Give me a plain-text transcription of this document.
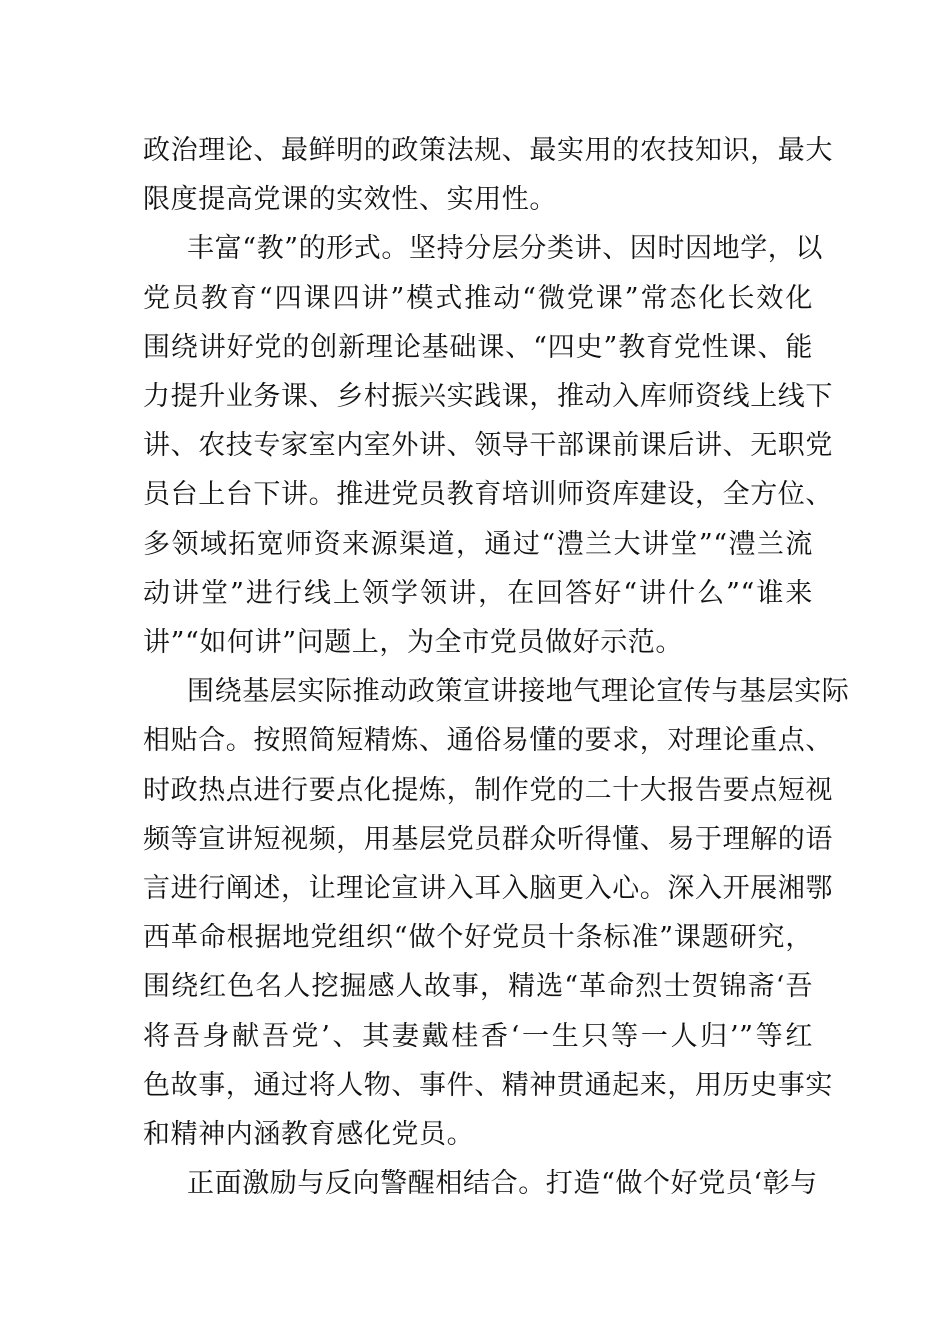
政治理论、最鲜明的政策法规、最实用的农技知识，最大
限度提高党课的实效性、实用性。

丰富“教”的形式。坚持分层分类讲、因时因地学，以
党员教育“四课四讲”模式推动“微党课”常态化长效化
围绕讲好党的创新理论基础课、“四史”教育党性课、能
力提升业务课、乡村振兴实践课，推动入库师资线上线下
讲、农技专家室内室外讲、领导干部课前课后讲、无职党
员台上台下讲。推进党员教育培训师资库建设，全方位、
多领域拓宽师资来源渠道，通过“澧兰大讲堂”“澧兰流
动讲堂”进行线上领学领讲，在回答好“讲什么”“谁来
讲”“如何讲”问题上，为全市党员做好示范。

围绕基层实际推动政策宣讲接地气理论宣传与基层实际
相贴合。按照简短精炼、通俗易懂的要求，对理论重点、
时政热点进行要点化提炼，制作党的二十大报告要点短视
频等宣讲短视频，用基层党员群众听得懂、易于理解的语
言进行阐述，让理论宣讲入耳入脑更入心。深入开展湘鄂
西革命根据地党组织“做个好党员十条标准”课题研究，
围绕红色名人挖掘感人故事，精选“革命烈士贺锦斋‘吾
将吾身献吾党’、其妻戴桂香‘一生只等一人归’”等红
色故事，通过将人物、事件、精神贯通起来，用历史事实
和精神内涵教育感化党员。

正面激励与反向警醒相结合。打造“做个好党员‘彰与
